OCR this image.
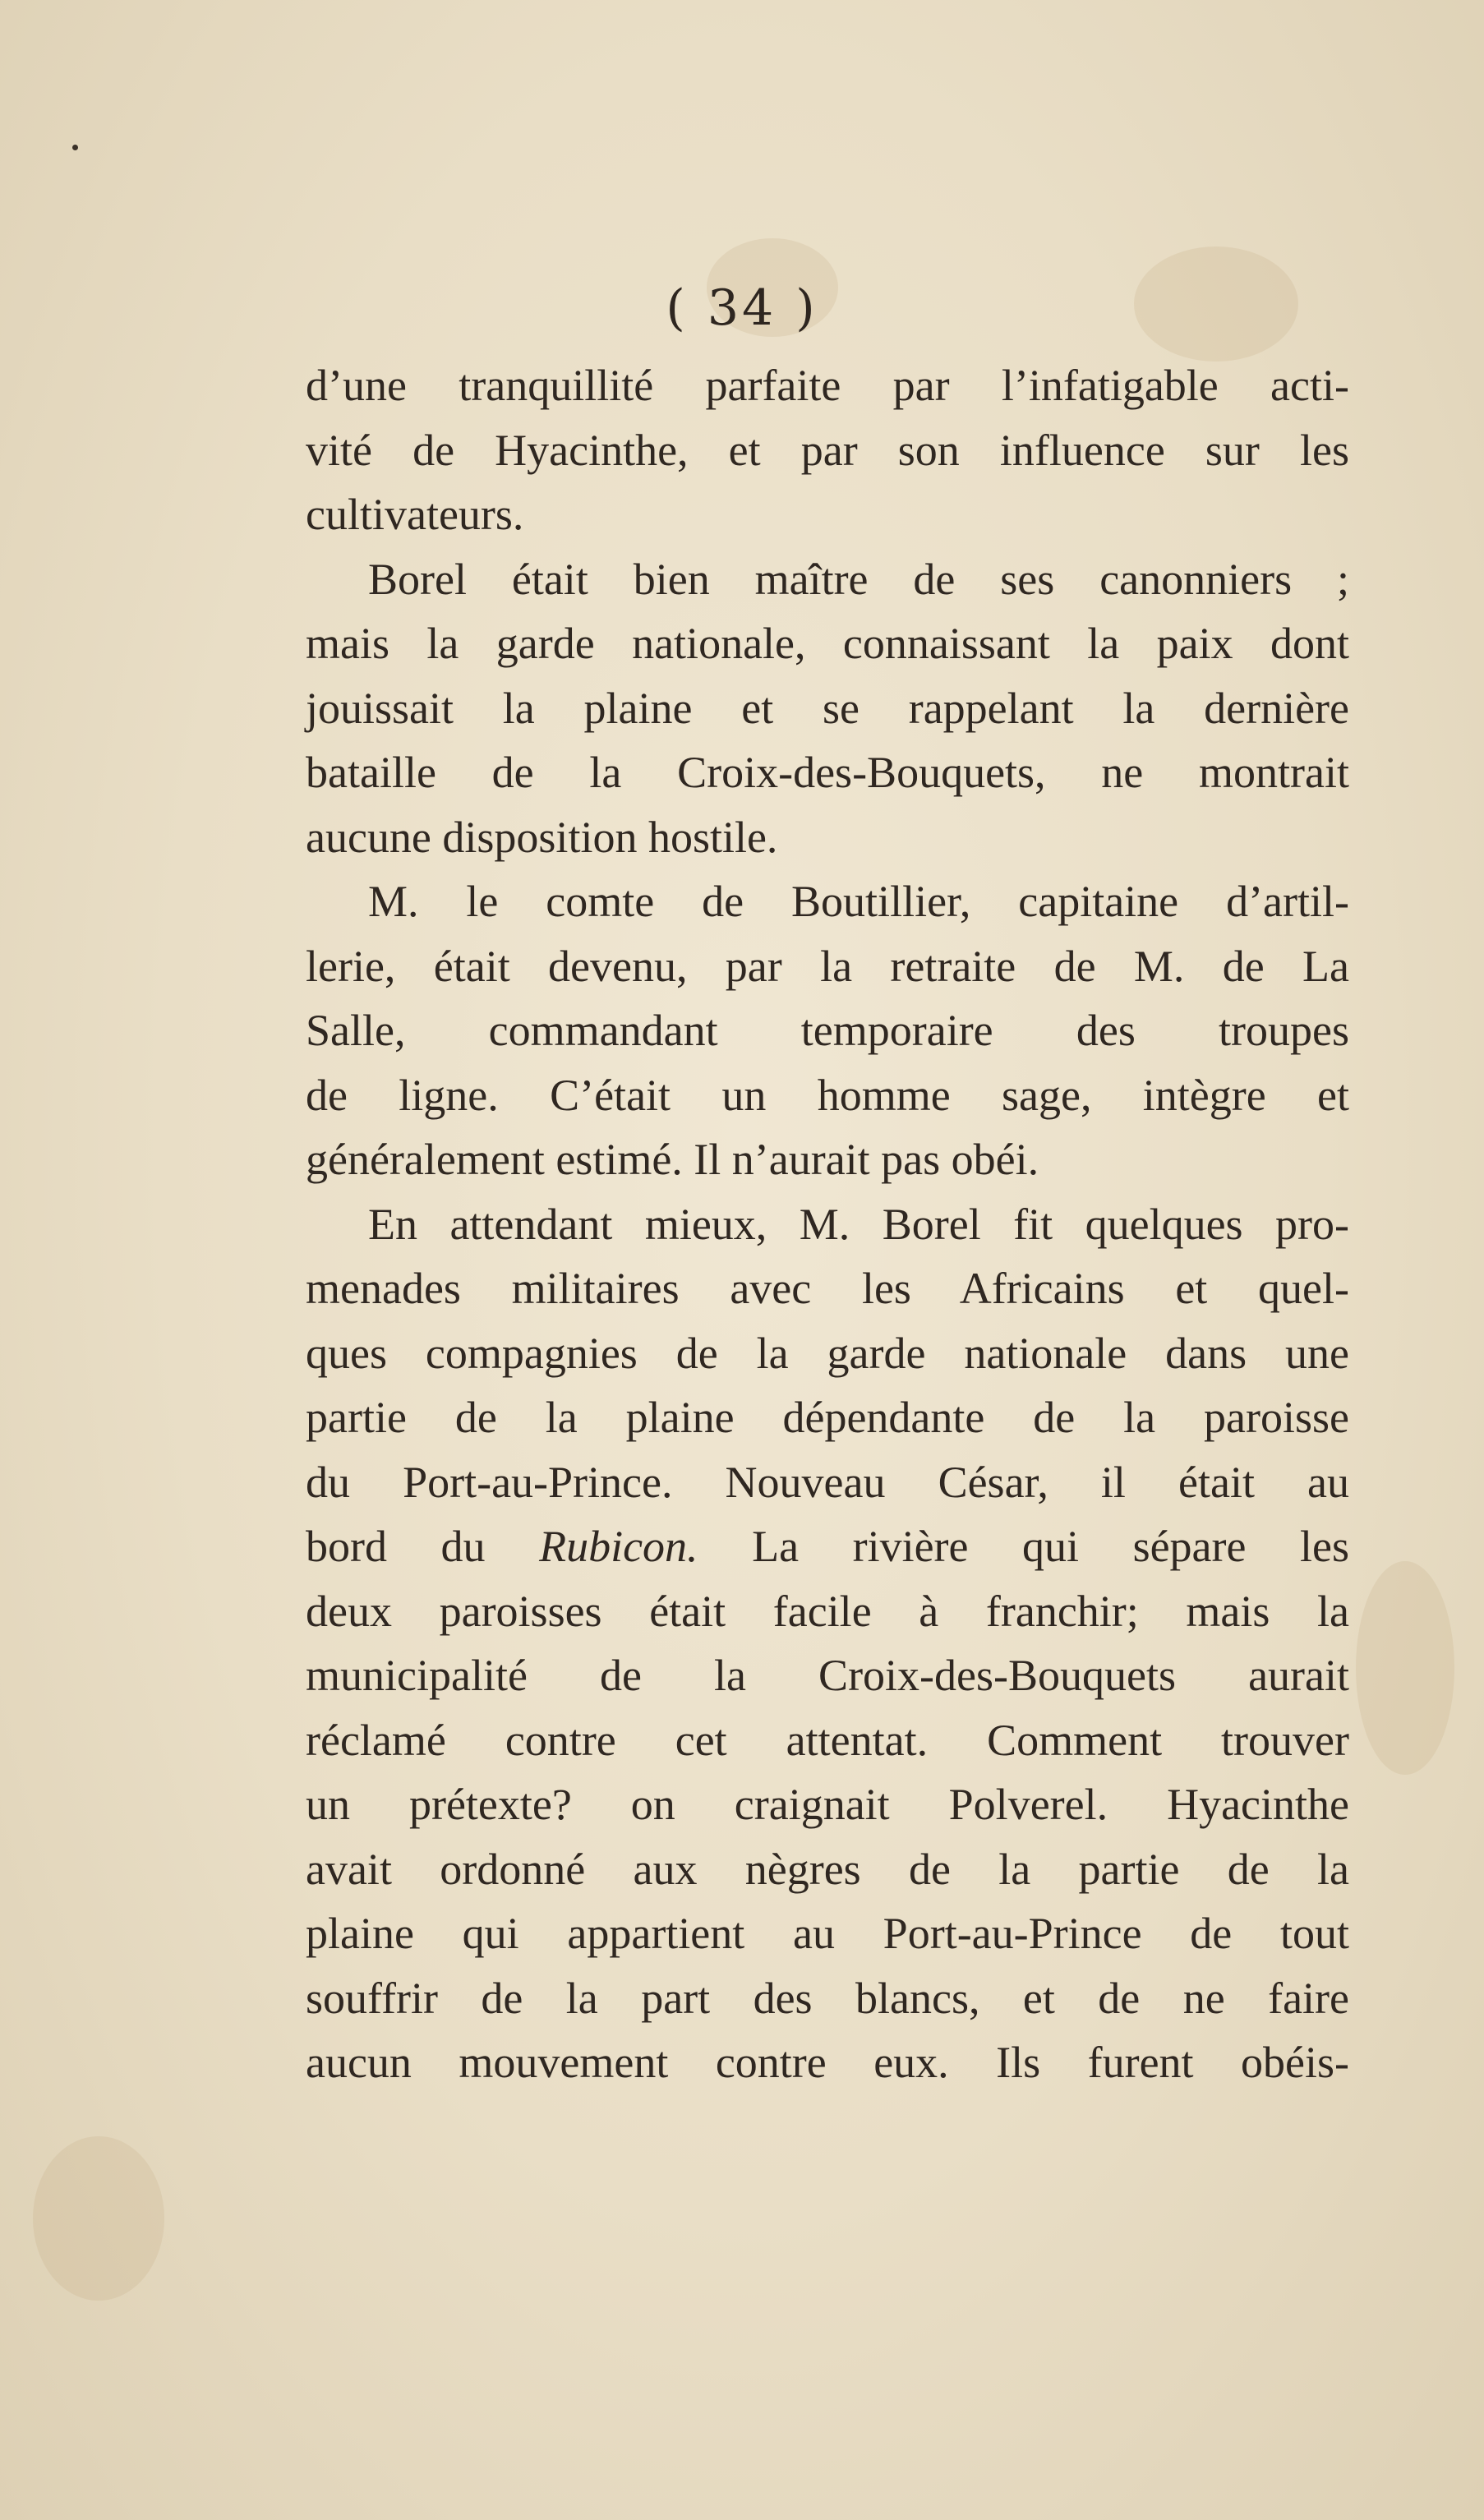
( 34 )
d’une tranquillité parfaite par l’infatigable acti-
vité de Hyacinthe, et par son influence sur les
cultivateurs.
Borel était bien maître de ses canonniers ;
mais la garde nationale, connaissant la paix dont
jouissait la plaine et se rappelant la dernière
bataille de la Croix-des-Bouquets, ne montrait
aucune disposition hostile.
M. le comte de Boutillier, capitaine d’artil-
lerie, était devenu, par la retraite de M. de La
Salle, commandant temporaire des troupes
de ligne. C’était un homme sage, intègre et
généralement estimé. Il n’aurait pas obéi.
En attendant mieux, M. Borel fit quelques pro-
menades militaires avec les Africains et quel-
ques compagnies de la garde nationale dans une
partie de la plaine dépendante de la paroisse
du Port-au-Prince. Nouveau César, il était au
bord du Rubicon. La rivière qui sépare les
deux paroisses était facile à franchir; mais la
municipalité de la Croix-des-Bouquets aurait
réclamé contre cet attentat. Comment trouver
un prétexte? on craignait Polverel. Hyacinthe
avait ordonné aux nègres de la partie de la
plaine qui appartient au Port-au-Prince de tout
souffrir de la part des blancs, et de ne faire
aucun mouvement contre eux. Ils furent obéis-
